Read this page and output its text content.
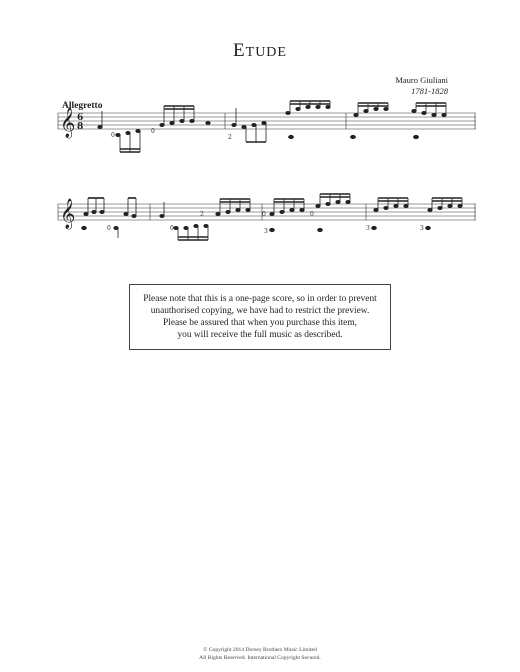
ETUDE
Mauro Giuliani
1781-1828
Allegretto
𝄞 6
8
𝄞
0
0
2
0	0
2	0
3
0
3	3
Please note that this is a one-page score, so in order to prevent
unauthorised copying, we have had to restrict the preview.
Please be assured that when you purchase this item,
you will receive the full music as described.
© Copyright 2014 Dorsey Brothers Music Limited
All Rights Reserved. International Copyright Secured.
